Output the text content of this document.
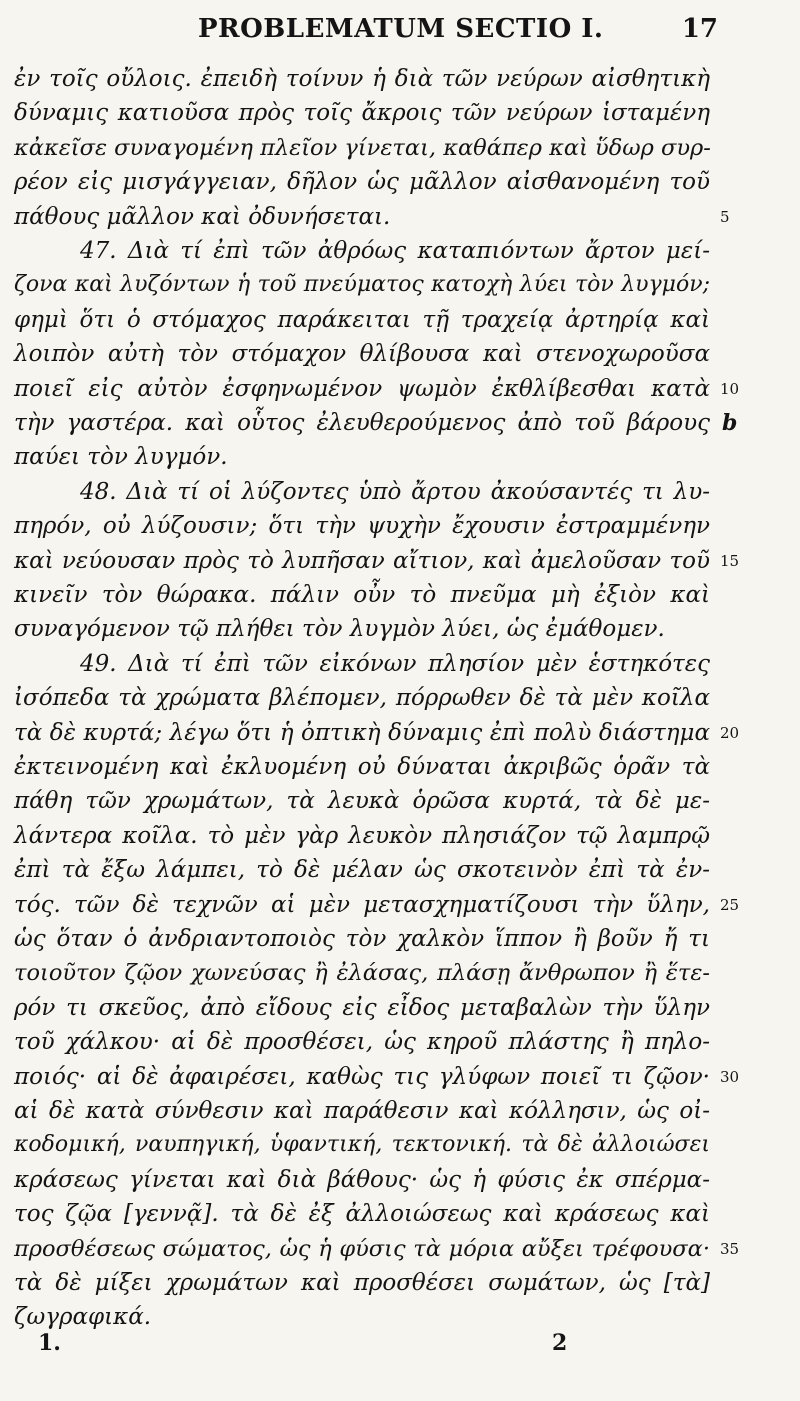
PROBLEMATUM SECTIO I.	17
ἐν τοῖς οὔλοις. ἐπειδὴ τοίνυν ἡ διὰ τῶν νεύρων αἰσθητικὴ
δύναμις κατιοῦσα πρὸς τοῖς ἄκροις τῶν νεύρων ἱσταμένη
κἀκεῖσε συναγομένη πλεῖον γίνεται, καθάπερ καὶ ὕδωρ συρ-
ρέον εἰς μισγάγγειαν, δῆλον ὡς μᾶλλον αἰσθανομένη τοῦ
πάθους μᾶλλον καὶ ὀδυνήσεται.
47. Διὰ τί ἐπὶ τῶν ἀθρόως καταπιόντων ἄρτον μεί-
ζονα καὶ λυζόντων ἡ τοῦ πνεύματος κατοχὴ λύει τὸν λυγμόν;
φημὶ ὅτι ὁ στόμαχος παράκειται τῇ τραχείᾳ ἀρτηρίᾳ καὶ
λοιπὸν αὐτὴ τὸν στόμαχον θλίβουσα καὶ στενοχωροῦσα
ποιεῖ εἰς αὐτὸν ἐσφηνωμένον ψωμὸν ἐκθλίβεσθαι κατὰ
τὴν γαστέρα. καὶ οὗτος ἐλευθερούμενος ἀπὸ τοῦ βάρους
παύει τὸν λυγμόν.
48. Διὰ τί οἱ λύζοντες ὑπὸ ἄρτου ἀκούσαντές τι λυ-
πηρόν, οὐ λύζουσιν; ὅτι τὴν ψυχὴν ἔχουσιν ἐστραμμένην
καὶ νεύουσαν πρὸς τὸ λυπῆσαν αἴτιον, καὶ ἀμελοῦσαν τοῦ
κινεῖν τὸν θώρακα. πάλιν οὖν τὸ πνεῦμα μὴ ἐξιὸν καὶ
συναγόμενον τῷ πλήθει τὸν λυγμὸν λύει, ὡς ἐμάθομεν.
49. Διὰ τί ἐπὶ τῶν εἰκόνων πλησίον μὲν ἑστηκότες
ἰσόπεδα τὰ χρώματα βλέπομεν, πόρρωθεν δὲ τὰ μὲν κοῖλα
τὰ δὲ κυρτά; λέγω ὅτι ἡ ὀπτικὴ δύναμις ἐπὶ πολὺ διάστημα
ἐκτεινομένη καὶ ἐκλυομένη οὐ δύναται ἀκριβῶς ὁρᾶν τὰ
πάθη τῶν χρωμάτων, τὰ λευκὰ ὁρῶσα κυρτά, τὰ δὲ με-
λάντερα κοῖλα. τὸ μὲν γὰρ λευκὸν πλησιάζον τῷ λαμπρῷ
ἐπὶ τὰ ἔξω λάμπει, τὸ δὲ μέλαν ὡς σκοτεινὸν ἐπὶ τὰ ἐν-
τός. τῶν δὲ τεχνῶν αἱ μὲν μετασχηματίζουσι τὴν ὕλην,
ὡς ὅταν ὁ ἀνδριαντοποιὸς τὸν χαλκὸν ἵππον ἢ βοῦν ἤ τι
τοιοῦτον ζῷον χωνεύσας ἢ ἐλάσας, πλάσῃ ἄνθρωπον ἢ ἕτε-
ρόν τι σκεῦος, ἀπὸ εἴδους εἰς εἶδος μεταβαλὼν τὴν ὕλην
τοῦ χάλκου· αἱ δὲ προσθέσει, ὡς κηροῦ πλάστης ἢ πηλο-
ποιός· αἱ δὲ ἀφαιρέσει, καθὼς τις γλύφων ποιεῖ τι ζῷον·
αἱ δὲ κατὰ σύνθεσιν καὶ παράθεσιν καὶ κόλλησιν, ὡς οἰ-
κοδομική, ναυπηγική, ὑφαντική, τεκτονική. τὰ δὲ ἀλλοιώσει
κράσεως γίνεται καὶ διὰ βάθους· ὡς ἡ φύσις ἐκ σπέρμα-
τος ζῷα [γεννᾷ]. τὰ δὲ ἐξ ἀλλοιώσεως καὶ κράσεως καὶ
προσθέσεως σώματος, ὡς ἡ φύσις τὰ μόρια αὔξει τρέφουσα·
τὰ δὲ μίξει χρωμάτων καὶ προσθέσει σωμάτων, ὡς [τὰ]
ζωγραφικά.
5
10
b
15
20
25
30
35
1.	2
